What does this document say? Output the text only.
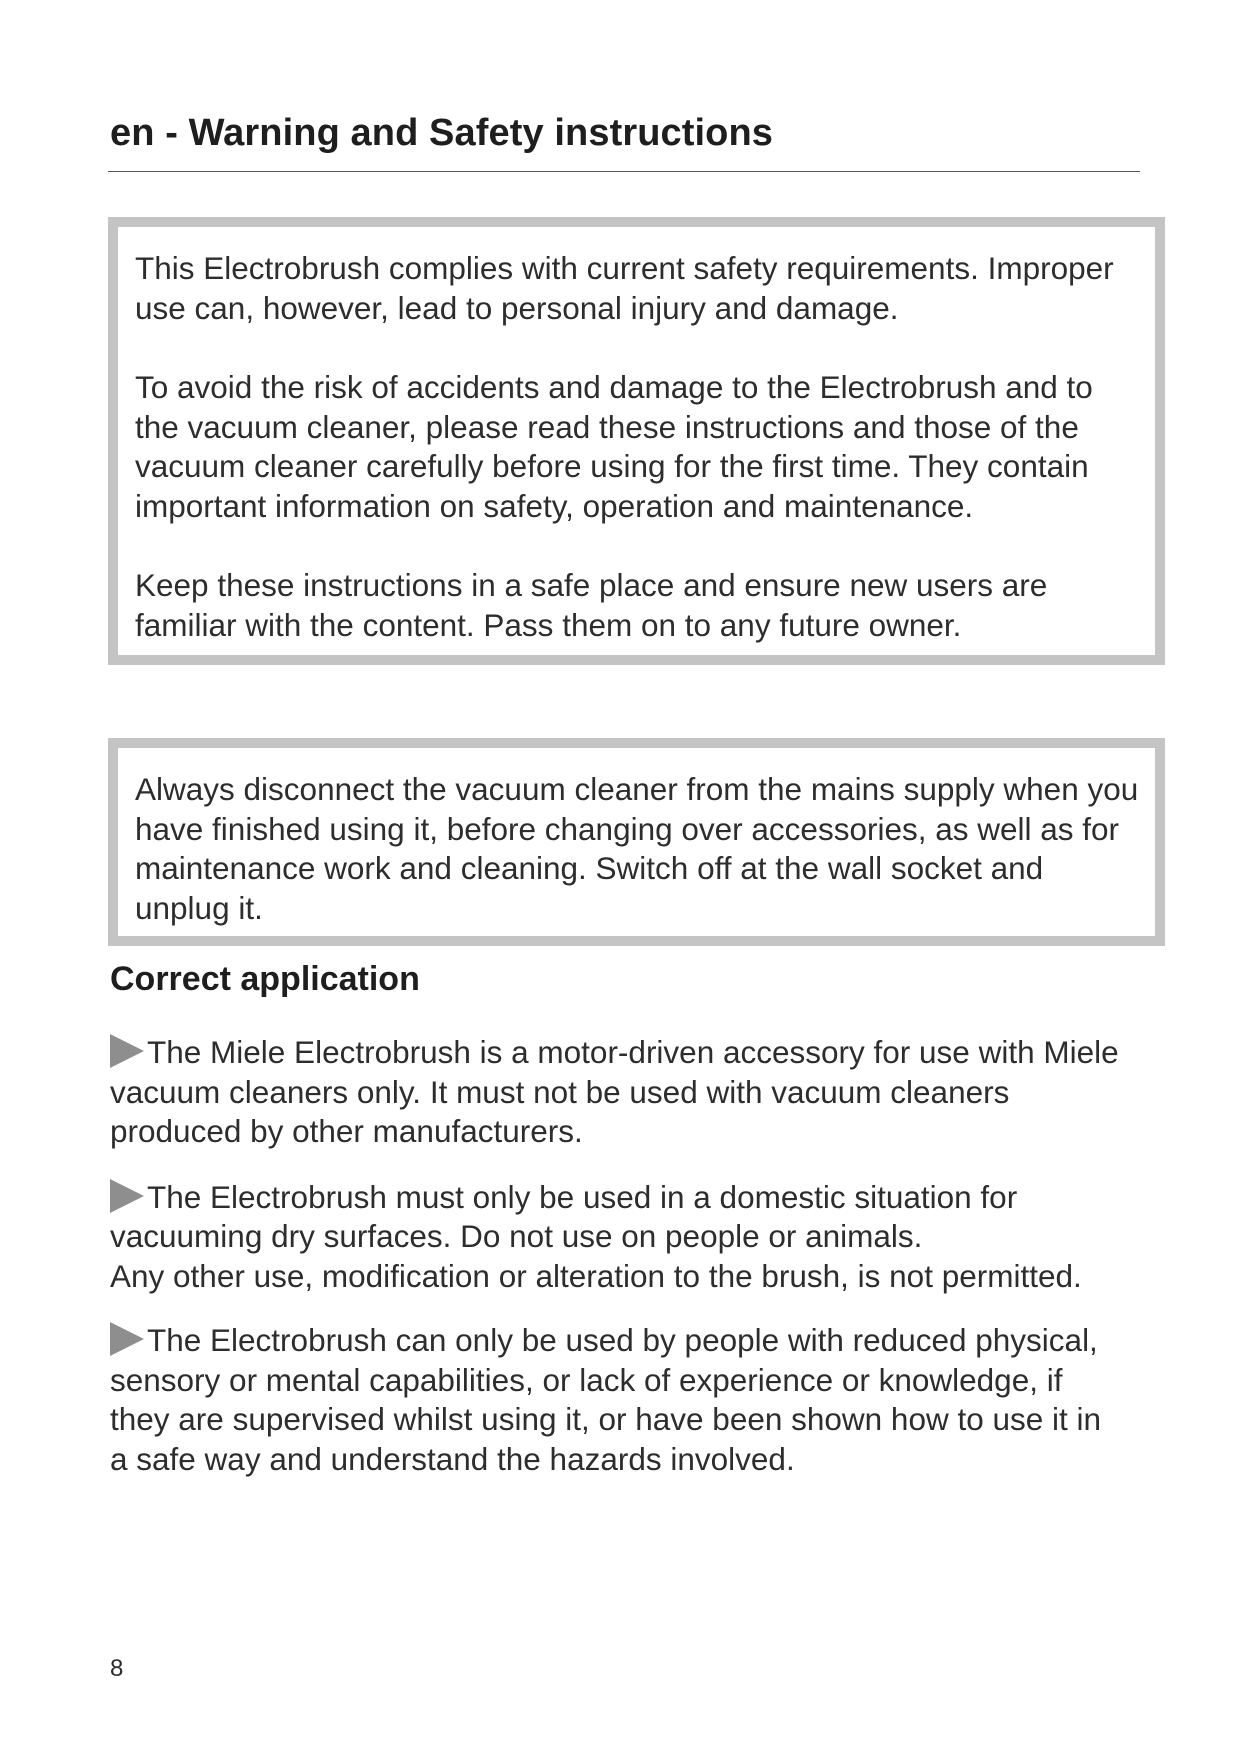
en - Warning and Safety instructions

This Electrobrush complies with current safety requirements. Improper use can, however, lead to personal injury and damage.

To avoid the risk of accidents and damage to the Electrobrush and to the vacuum cleaner, please read these instructions and those of the vacuum cleaner carefully before using for the first time. They contain important information on safety, operation and maintenance.

Keep these instructions in a safe place and ensure new users are familiar with the content. Pass them on to any future owner.

Always disconnect the vacuum cleaner from the mains supply when you have finished using it, before changing over accessories, as well as for maintenance work and cleaning. Switch off at the wall socket and unplug it.

Correct application
The Miele Electrobrush is a motor-driven accessory for use with Miele vacuum cleaners only. It must not be used with vacuum cleaners produced by other manufacturers.
The Electrobrush must only be used in a domestic situation for vacuuming dry surfaces. Do not use on people or animals.
Any other use, modification or alteration to the brush, is not permitted.
The Electrobrush can only be used by people with reduced physical, sensory or mental capabilities, or lack of experience or knowledge, if they are supervised whilst using it, or have been shown how to use it in a safe way and understand the hazards involved.
8
